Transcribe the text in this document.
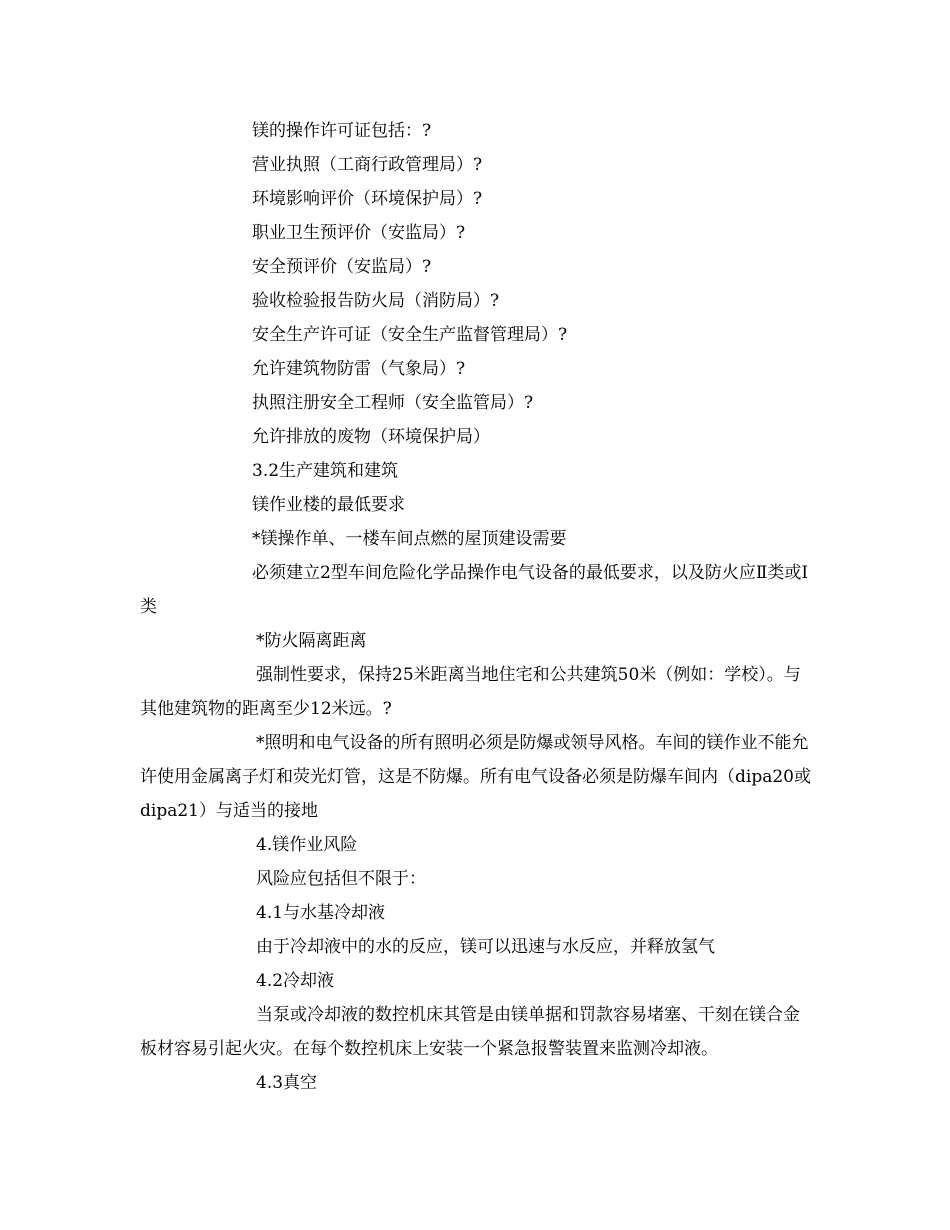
镁的操作许可证包括：?

营业执照（工商行政管理局）?

环境影响评价（环境保护局）?

职业卫生预评价（安监局）?

安全预评价（安监局）?

验收检验报告防火局（消防局）?

安全生产许可证（安全生产监督管理局）?

允许建筑物防雷（气象局）?

执照注册安全工程师（安全监管局）?

允许排放的废物（环境保护局）

3.2生产建筑和建筑

镁作业楼的最低要求

*镁操作单、一楼车间点燃的屋顶建设需要

必须建立2型车间危险化学品操作电气设备的最低要求，以及防火应Ⅱ类或Ⅰ类

*防火隔离距离

强制性要求，保持25米距离当地住宅和公共建筑50米（例如：学校）。与其他建筑物的距离至少12米远。?

*照明和电气设备的所有照明必须是防爆或领导风格。车间的镁作业不能允许使用金属离子灯和荧光灯管，这是不防爆。所有电气设备必须是防爆车间内（dipa20或dipa21）与适当的接地

4.镁作业风险

风险应包括但不限于：

4.1与水基冷却液

由于冷却液中的水的反应，镁可以迅速与水反应，并释放氢气

4.2冷却液

当泵或冷却液的数控机床其管是由镁单据和罚款容易堵塞、干刻在镁合金板材容易引起火灾。在每个数控机床上安装一个紧急报警装置来监测冷却液。

4.3真空
